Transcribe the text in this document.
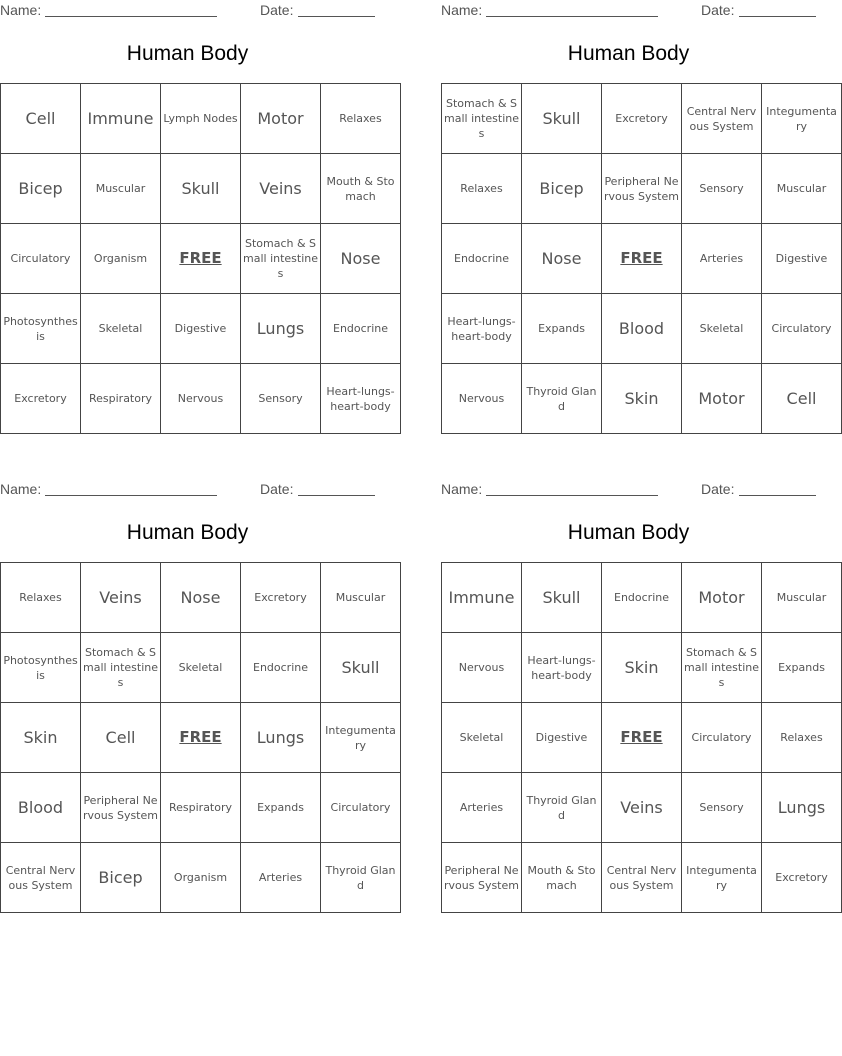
Name:	Date:
Human Body
Cell	Immune	Lymph Nodes	Motor	Relaxes
Bicep	Muscular	Skull	Veins	Mouth & Stomach
Circulatory	Organism	FREE	Stomach & Small intestines	Nose
Photosynthesis	Skeletal	Digestive	Lungs	Endocrine
Excretory	Respiratory	Nervous	Sensory	Heart-lungs-heart-body
Name:	Date:
Human Body
Stomach & Small intestines	Skull	Excretory	Central Nervous System	Integumentary
Relaxes	Bicep	Peripheral Nervous System	Sensory	Muscular
Endocrine	Nose	FREE	Arteries	Digestive
Heart-lungs-heart-body	Expands	Blood	Skeletal	Circulatory
Nervous	Thyroid Gland	Skin	Motor	Cell
Name:	Date:
Human Body
Relaxes	Veins	Nose	Excretory	Muscular
Photosynthesis	Stomach & Small intestines	Skeletal	Endocrine	Skull
Skin	Cell	FREE	Lungs	Integumentary
Blood	Peripheral Nervous System	Respiratory	Expands	Circulatory
Central Nervous System	Bicep	Organism	Arteries	Thyroid Gland
Name:	Date:
Human Body
Immune	Skull	Endocrine	Motor	Muscular
Nervous	Heart-lungs-heart-body	Skin	Stomach & Small intestines	Expands
Skeletal	Digestive	FREE	Circulatory	Relaxes
Arteries	Thyroid Gland	Veins	Sensory	Lungs
Peripheral Nervous System	Mouth & Stomach	Central Nervous System	Integumentary	Excretory
